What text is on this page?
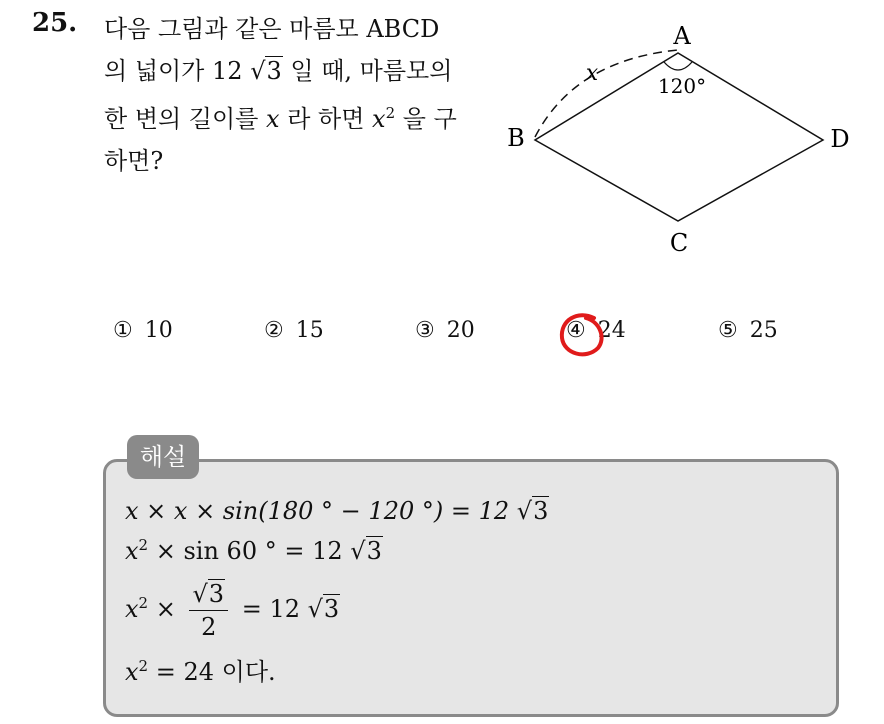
25. 다음 그림과 같은 마름모 ABCD
의 넓이가 12 √3 일 때, 마름모의
한 변의 길이를 x 라 하면 $x^2$ 을 구
하면?
A
B
C
D
120°
x
① 10	② 15	③ 20	④ 24	⑤ 25
해설
x × x × sin(180 ° − 120 °) = 12 √3
$x^2 \times \sin 60$ ° = 12 √3
$x^2 \times \frac{√3}{2} = 12$ √3
$x^2 = 24$ 이다.
